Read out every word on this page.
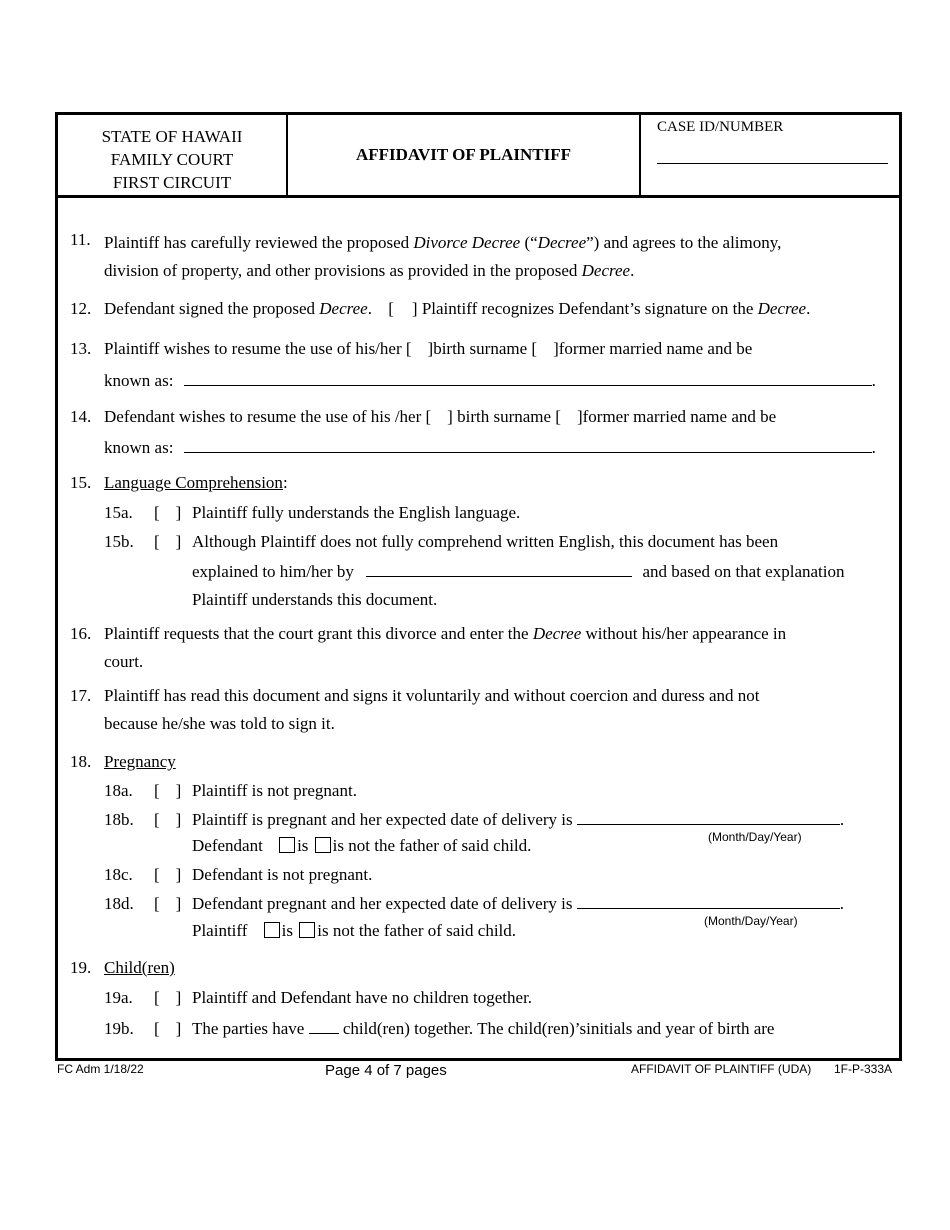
STATE OF HAWAII
FAMILY COURT
FIRST CIRCUIT
AFFIDAVIT OF PLAINTIFF
CASE ID/NUMBER
11. Plaintiff has carefully reviewed the proposed Divorce Decree (“Decree”) and agrees to the alimony,
division of property, and other provisions as provided in the proposed Decree.
12. Defendant signed the proposed Decree. [ ] Plaintiff recognizes Defendant’s signature on the Decree.
13. Plaintiff wishes to resume the use of his/her [ ]birth surname [ ]former married name and be
known as:	.
14. Defendant wishes to resume the use of his /her [ ] birth surname [ ]former married name and be
known as:	.
15. Language Comprehension:
15a. [ ] Plaintiff fully understands the English language.
15b. [ ] Although Plaintiff does not fully comprehend written English, this document has been
explained to him/her by	and based on that explanation
Plaintiff understands this document.
16. Plaintiff requests that the court grant this divorce and enter the Decree without his/her appearance in
court.
17. Plaintiff has read this document and signs it voluntarily and without coercion and duress and not
because he/she was told to sign it.
18. Pregnancy
18a. [ ] Plaintiff is not pregnant.
18b. [ ] Plaintiff is pregnant and her expected date of delivery is	.
(Month/Day/Year)
Defendant is is not the father of said child.
18c. [ ] Defendant is not pregnant.
18d. [ ] Defendant pregnant and her expected date of delivery is	.
(Month/Day/Year)
Plaintiff is is not the father of said child.
19. Child(ren)
19a. [ ] Plaintiff and Defendant have no children together.
19b. [ ] The parties have child(ren) together. The child(ren)’sinitials and year of birth are
FC Adm 1/18/22	Page 4 of 7 pages	AFFIDAVIT OF PLAINTIFF (UDA) 1F-P-333A
